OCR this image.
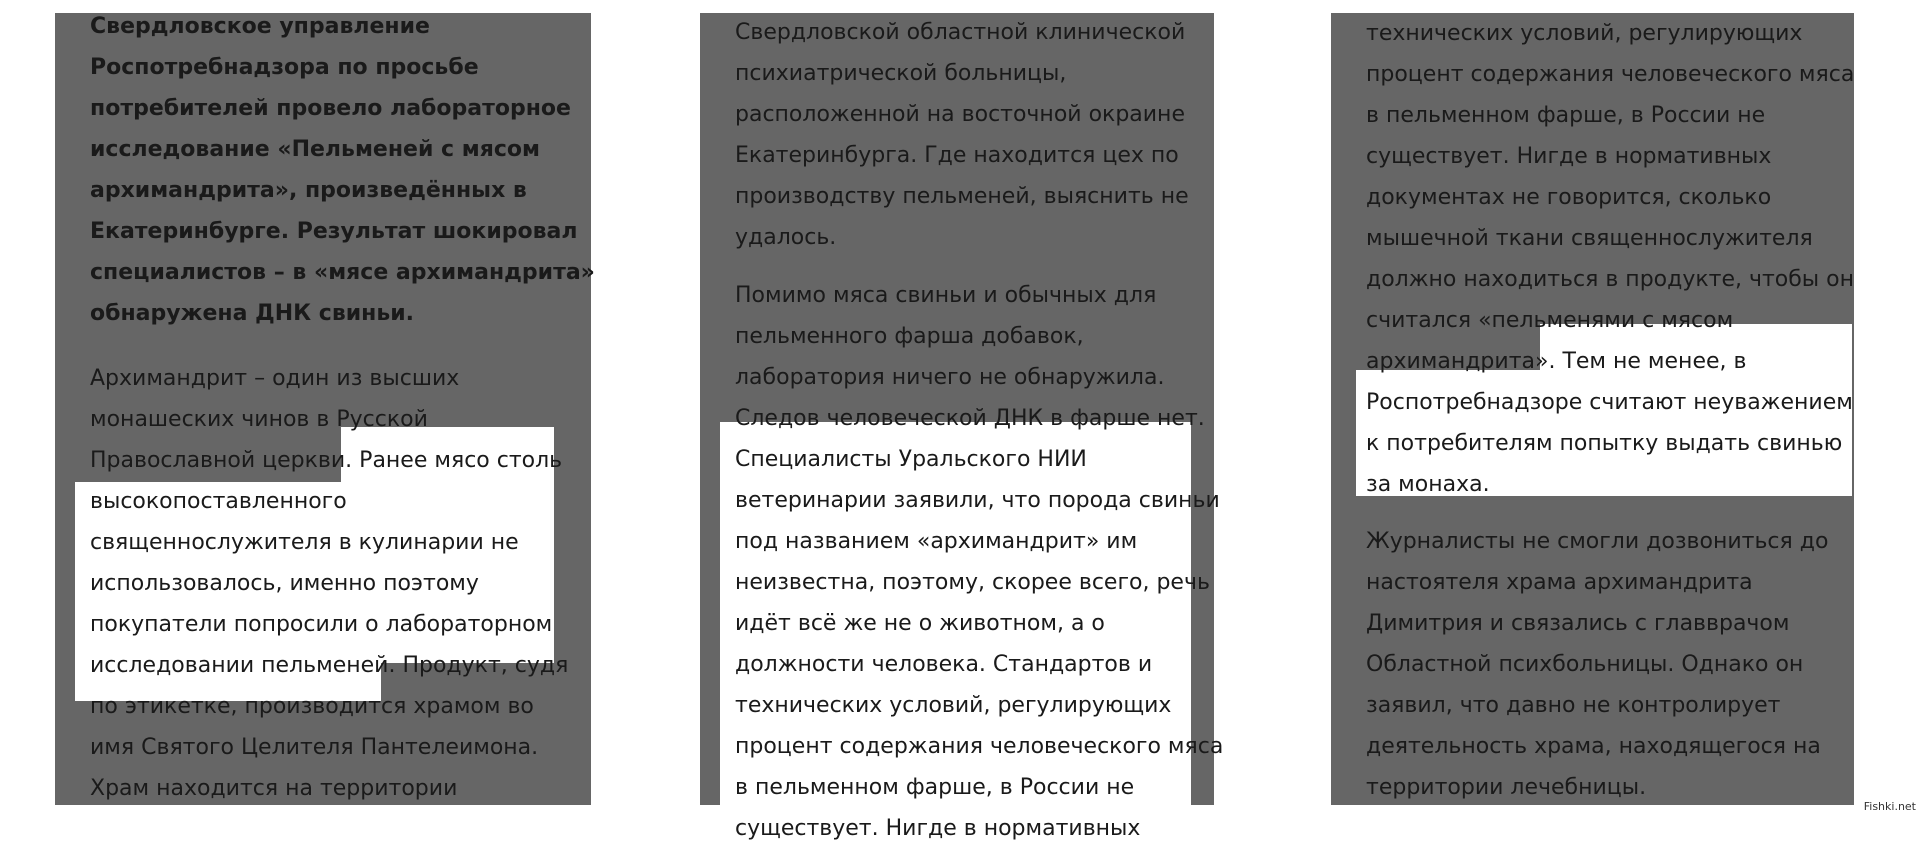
Свердловское управление
Роспотребнадзора по просьбе
потребителей провело лабораторное
исследование «Пельменей с мясом
архимандрита», произведённых в
Екатеринбурге. Результат шокировал
специалистов – в «мясе архимандрита»
обнаружена ДНК свиньи.
Архимандрит – один из высших
монашеских чинов в Русской
Православной церкви. Ранее мясо столь
высокопоставленного
священнослужителя в кулинарии не
использовалось, именно поэтому
покупатели попросили о лабораторном
исследовании пельменей. Продукт, судя
по этикетке, производится храмом во
имя Святого Целителя Пантелеимона.
Храм находится на территории
Свердловской областной клинической
психиатрической больницы,
расположенной на восточной окраине
Екатеринбурга. Где находится цех по
производству пельменей, выяснить не
удалось.
Помимо мяса свиньи и обычных для
пельменного фарша добавок,
лаборатория ничего не обнаружила.
Следов человеческой ДНК в фарше нет.
Специалисты Уральского НИИ
ветеринарии заявили, что порода свиньи
под названием «архимандрит» им
неизвестна, поэтому, скорее всего, речь
идёт всё же не о животном, а о
должности человека. Стандартов и
технических условий, регулирующих
процент содержания человеческого мяса
в пельменном фарше, в России не
существует. Нигде в нормативных
технических условий, регулирующих
процент содержания человеческого мяса
в пельменном фарше, в России не
существует. Нигде в нормативных
документах не говорится, сколько
мышечной ткани священнослужителя
должно находиться в продукте, чтобы он
считался «пельменями с мясом
архимандрита». Тем не менее, в
Роспотребнадзоре считают неуважением
к потребителям попытку выдать свинью
за монаха.
Журналисты не смогли дозвониться до
настоятеля храма архимандрита
Димитрия и связались с главврачом
Областной психбольницы. Однако он
заявил, что давно не контролирует
деятельность храма, находящегося на
территории лечебницы.
Fishki.net
